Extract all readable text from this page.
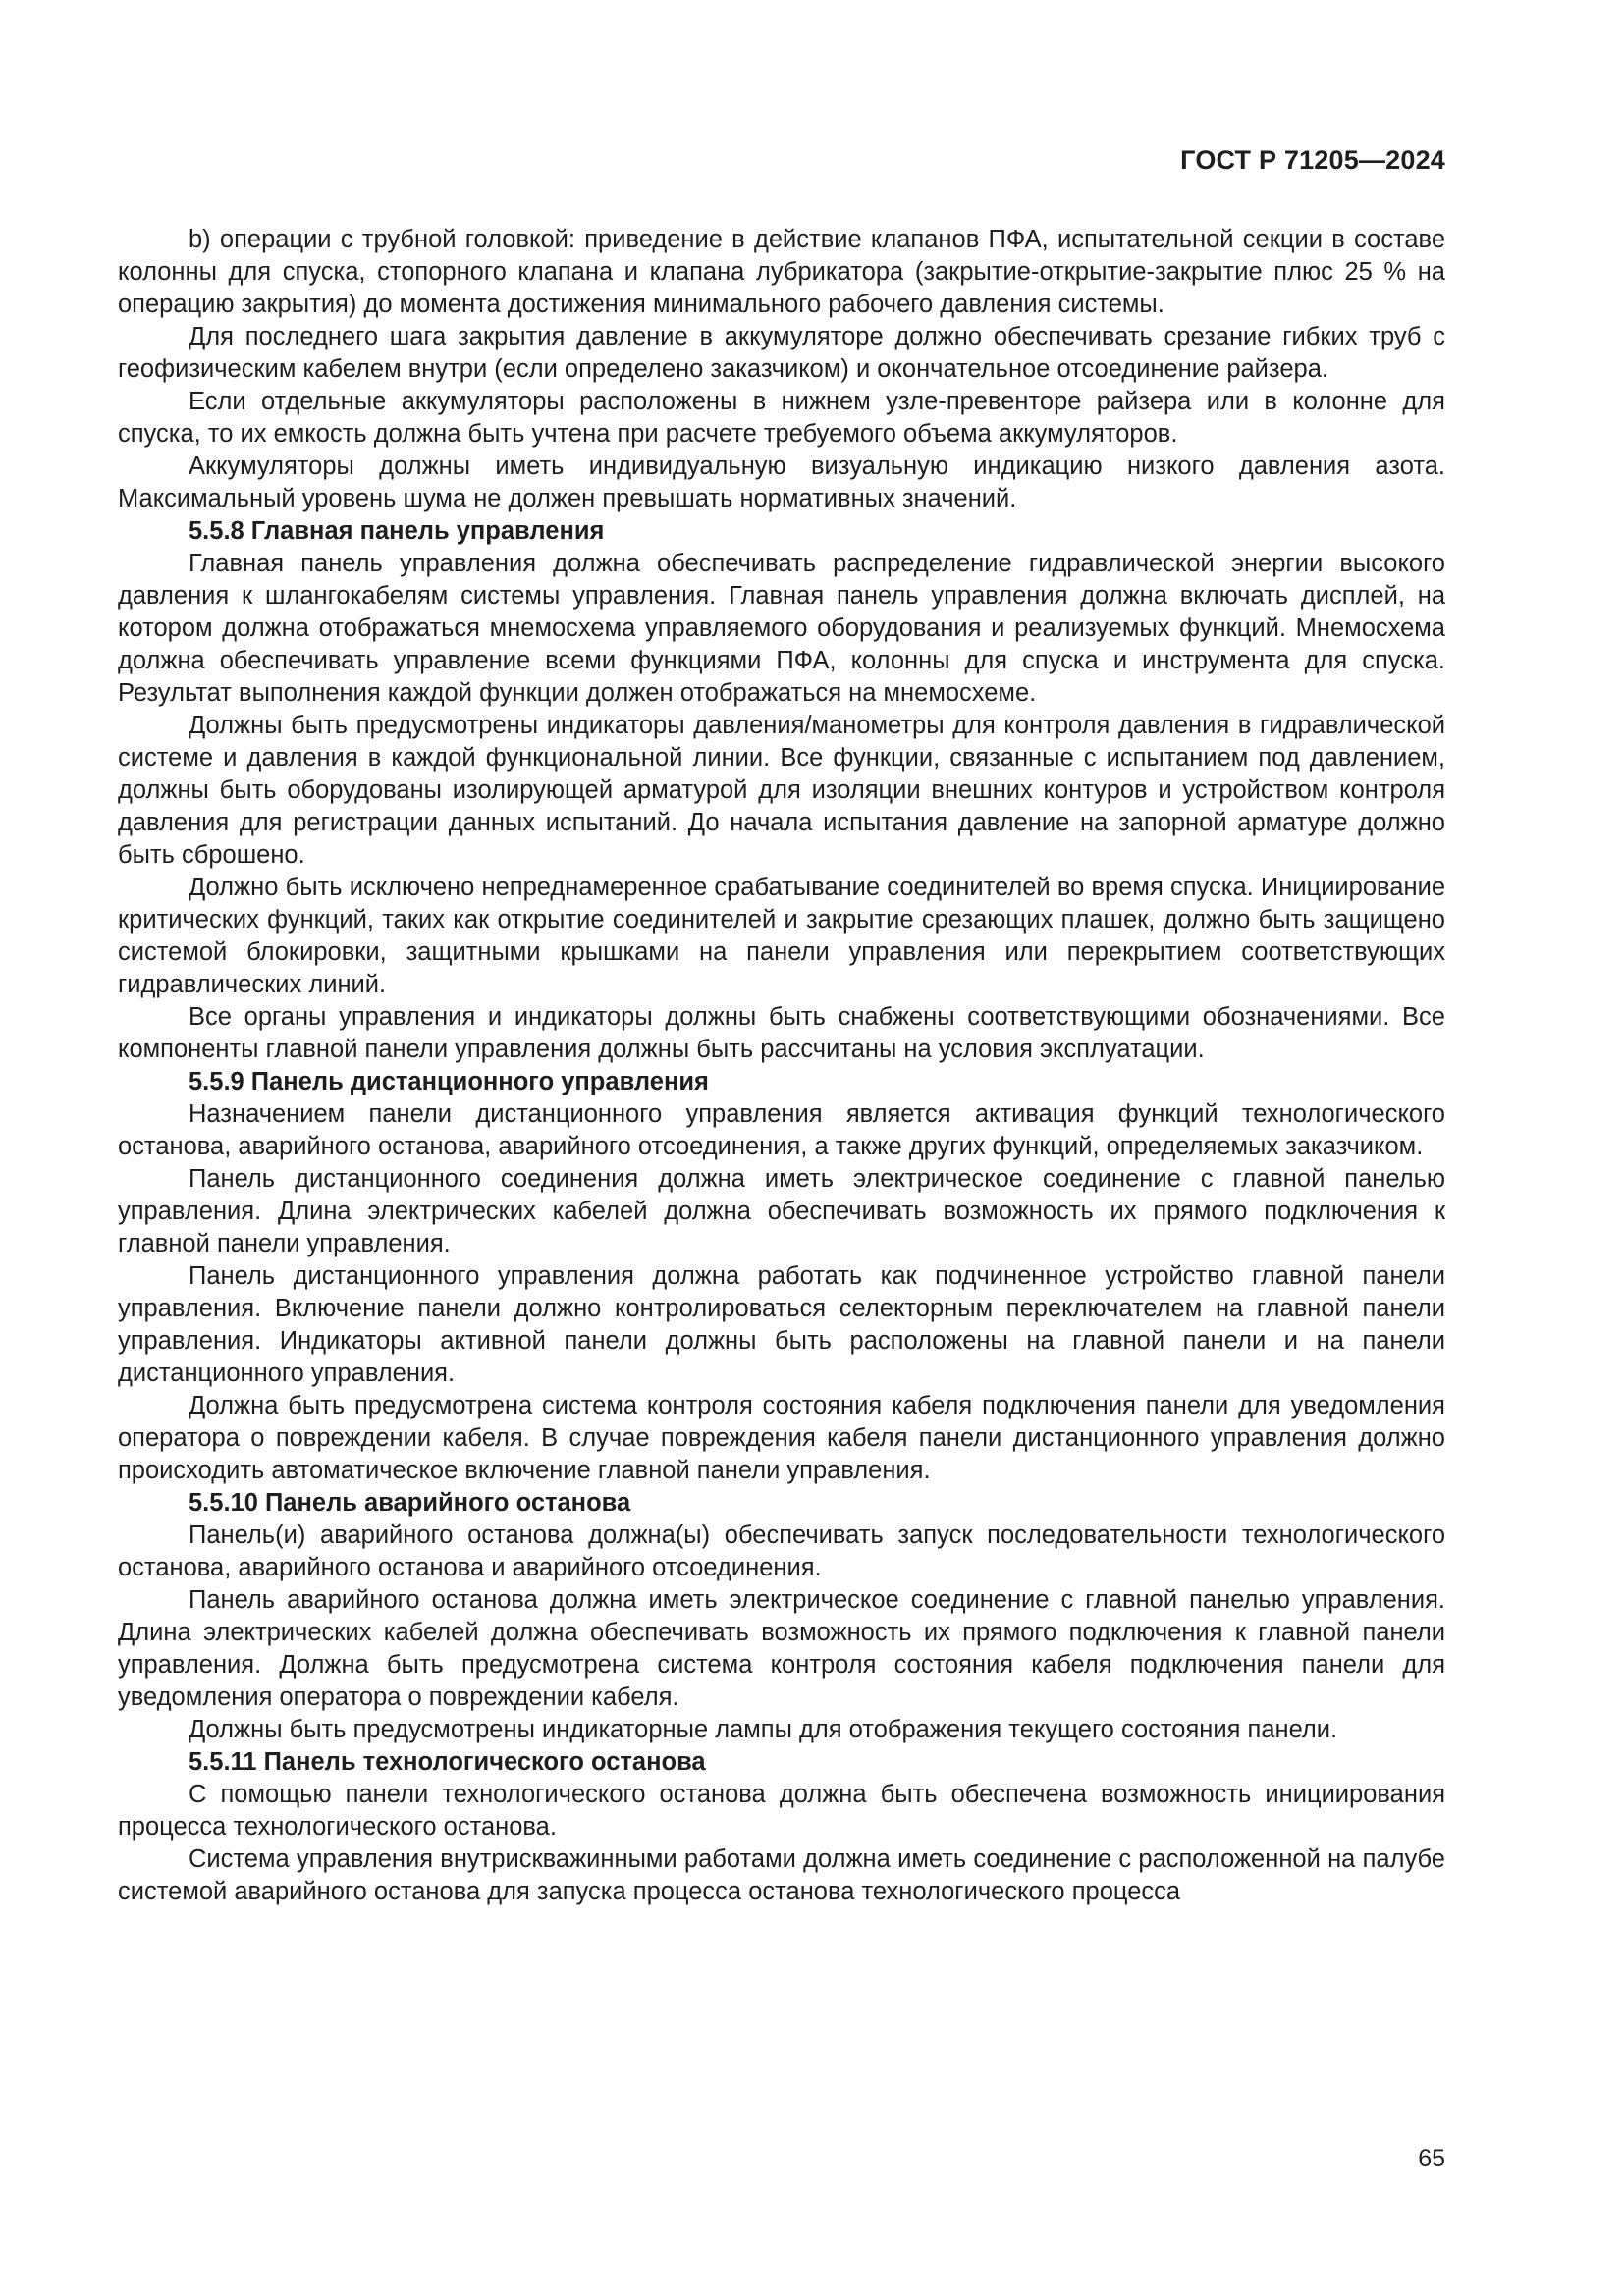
ГОСТ Р 71205—2024

b) операции с трубной головкой: приведение в действие клапанов ПФА, испытательной секции в составе колонны для спуска, стопорного клапана и клапана лубрикатора (закрытие-открытие-закрытие плюс 25 % на операцию закрытия) до момента достижения минимального рабочего давления системы.

Для последнего шага закрытия давление в аккумуляторе должно обеспечивать срезание гибких труб с геофизическим кабелем внутри (если определено заказчиком) и окончательное отсоединение райзера.

Если отдельные аккумуляторы расположены в нижнем узле-превенторе райзера или в колонне для спуска, то их емкость должна быть учтена при расчете требуемого объема аккумуляторов.

Аккумуляторы должны иметь индивидуальную визуальную индикацию низкого давления азота. Максимальный уровень шума не должен превышать нормативных значений.

5.5.8 Главная панель управления

Главная панель управления должна обеспечивать распределение гидравлической энергии высокого давления к шлангокабелям системы управления. Главная панель управления должна включать дисплей, на котором должна отображаться мнемосхема управляемого оборудования и реализуемых функций. Мнемосхема должна обеспечивать управление всеми функциями ПФА, колонны для спуска и инструмента для спуска. Результат выполнения каждой функции должен отображаться на мнемосхеме.

Должны быть предусмотрены индикаторы давления/манометры для контроля давления в гидравлической системе и давления в каждой функциональной линии. Все функции, связанные с испытанием под давлением, должны быть оборудованы изолирующей арматурой для изоляции внешних контуров и устройством контроля давления для регистрации данных испытаний. До начала испытания давление на запорной арматуре должно быть сброшено.

Должно быть исключено непреднамеренное срабатывание соединителей во время спуска. Инициирование критических функций, таких как открытие соединителей и закрытие срезающих плашек, должно быть защищено системой блокировки, защитными крышками на панели управления или перекрытием соответствующих гидравлических линий.

Все органы управления и индикаторы должны быть снабжены соответствующими обозначениями. Все компоненты главной панели управления должны быть рассчитаны на условия эксплуатации.

5.5.9 Панель дистанционного управления

Назначением панели дистанционного управления является активация функций технологического останова, аварийного останова, аварийного отсоединения, а также других функций, определяемых заказчиком.

Панель дистанционного соединения должна иметь электрическое соединение с главной панелью управления. Длина электрических кабелей должна обеспечивать возможность их прямого подключения к главной панели управления.

Панель дистанционного управления должна работать как подчиненное устройство главной панели управления. Включение панели должно контролироваться селекторным переключателем на главной панели управления. Индикаторы активной панели должны быть расположены на главной панели и на панели дистанционного управления.

Должна быть предусмотрена система контроля состояния кабеля подключения панели для уведомления оператора о повреждении кабеля. В случае повреждения кабеля панели дистанционного управления должно происходить автоматическое включение главной панели управления.

5.5.10 Панель аварийного останова

Панель(и) аварийного останова должна(ы) обеспечивать запуск последовательности технологического останова, аварийного останова и аварийного отсоединения.

Панель аварийного останова должна иметь электрическое соединение с главной панелью управления. Длина электрических кабелей должна обеспечивать возможность их прямого подключения к главной панели управления. Должна быть предусмотрена система контроля состояния кабеля подключения панели для уведомления оператора о повреждении кабеля.

Должны быть предусмотрены индикаторные лампы для отображения текущего состояния панели.

5.5.11 Панель технологического останова

С помощью панели технологического останова должна быть обеспечена возможность инициирования процесса технологического останова.

Система управления внутрискважинными работами должна иметь соединение с расположенной на палубе системой аварийного останова для запуска процесса останова технологического процесса

65
